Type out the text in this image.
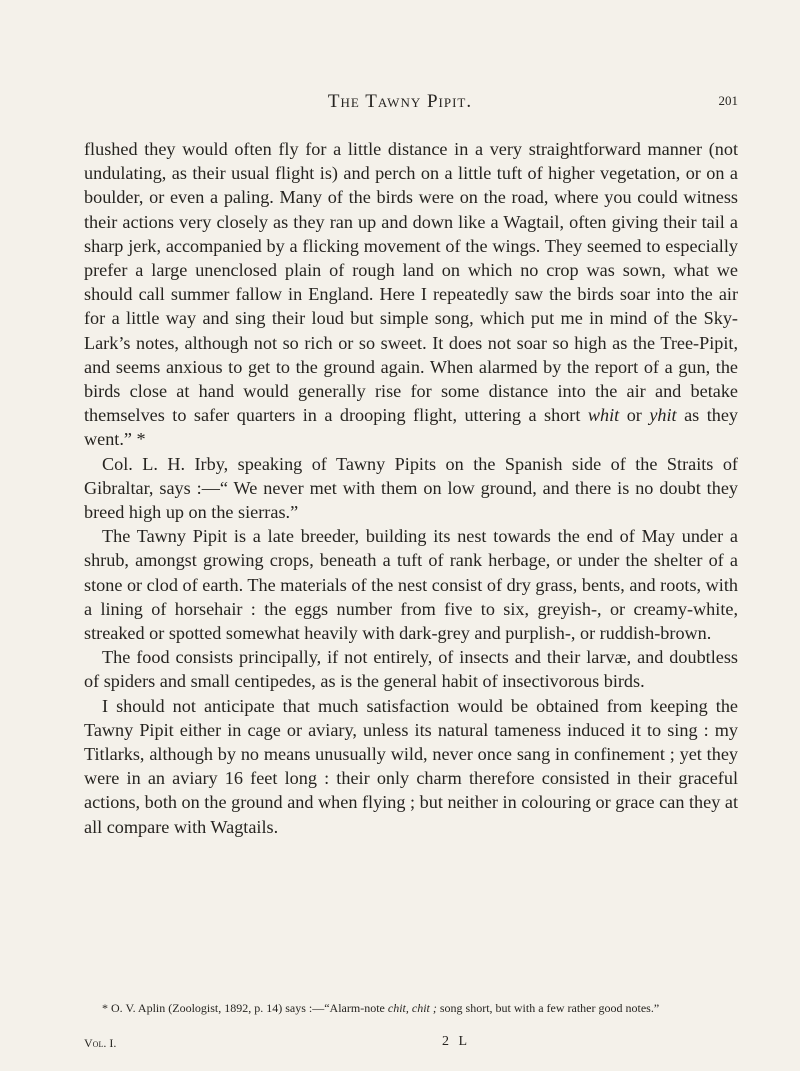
The Tawny Pipit.	201

flushed they would often fly for a little distance in a very straightforward manner (not undulating, as their usual flight is) and perch on a little tuft of higher vegetation, or on a boulder, or even a paling. Many of the birds were on the road, where you could witness their actions very closely as they ran up and down like a Wagtail, often giving their tail a sharp jerk, accompanied by a flicking movement of the wings. They seemed to especially prefer a large unenclosed plain of rough land on which no crop was sown, what we should call summer fallow in England. Here I repeatedly saw the birds soar into the air for a little way and sing their loud but simple song, which put me in mind of the Sky-Lark’s notes, although not so rich or so sweet. It does not soar so high as the Tree-Pipit, and seems anxious to get to the ground again. When alarmed by the report of a gun, the birds close at hand would generally rise for some distance into the air and betake themselves to safer quarters in a drooping flight, uttering a short whit or yhit as they went.” *

Col. L. H. Irby, speaking of Tawny Pipits on the Spanish side of the Straits of Gibraltar, says :—“ We never met with them on low ground, and there is no doubt they breed high up on the sierras.”

The Tawny Pipit is a late breeder, building its nest towards the end of May under a shrub, amongst growing crops, beneath a tuft of rank herbage, or under the shelter of a stone or clod of earth. The materials of the nest consist of dry grass, bents, and roots, with a lining of horsehair : the eggs number from five to six, greyish-, or creamy-white, streaked or spotted somewhat heavily with dark-grey and purplish-, or ruddish-brown.

The food consists principally, if not entirely, of insects and their larvæ, and doubtless of spiders and small centipedes, as is the general habit of insectivorous birds.

I should not anticipate that much satisfaction would be obtained from keeping the Tawny Pipit either in cage or aviary, unless its natural tameness induced it to sing : my Titlarks, although by no means unusually wild, never once sang in confinement ; yet they were in an aviary 16 feet long : their only charm therefore consisted in their graceful actions, both on the ground and when flying ; but neither in colouring or grace can they at all compare with Wagtails.

* O. V. Aplin (Zoologist, 1892, p. 14) says :—“Alarm-note chit, chit ; song short, but with a few rather good notes.”

Vol. I.	2 L
